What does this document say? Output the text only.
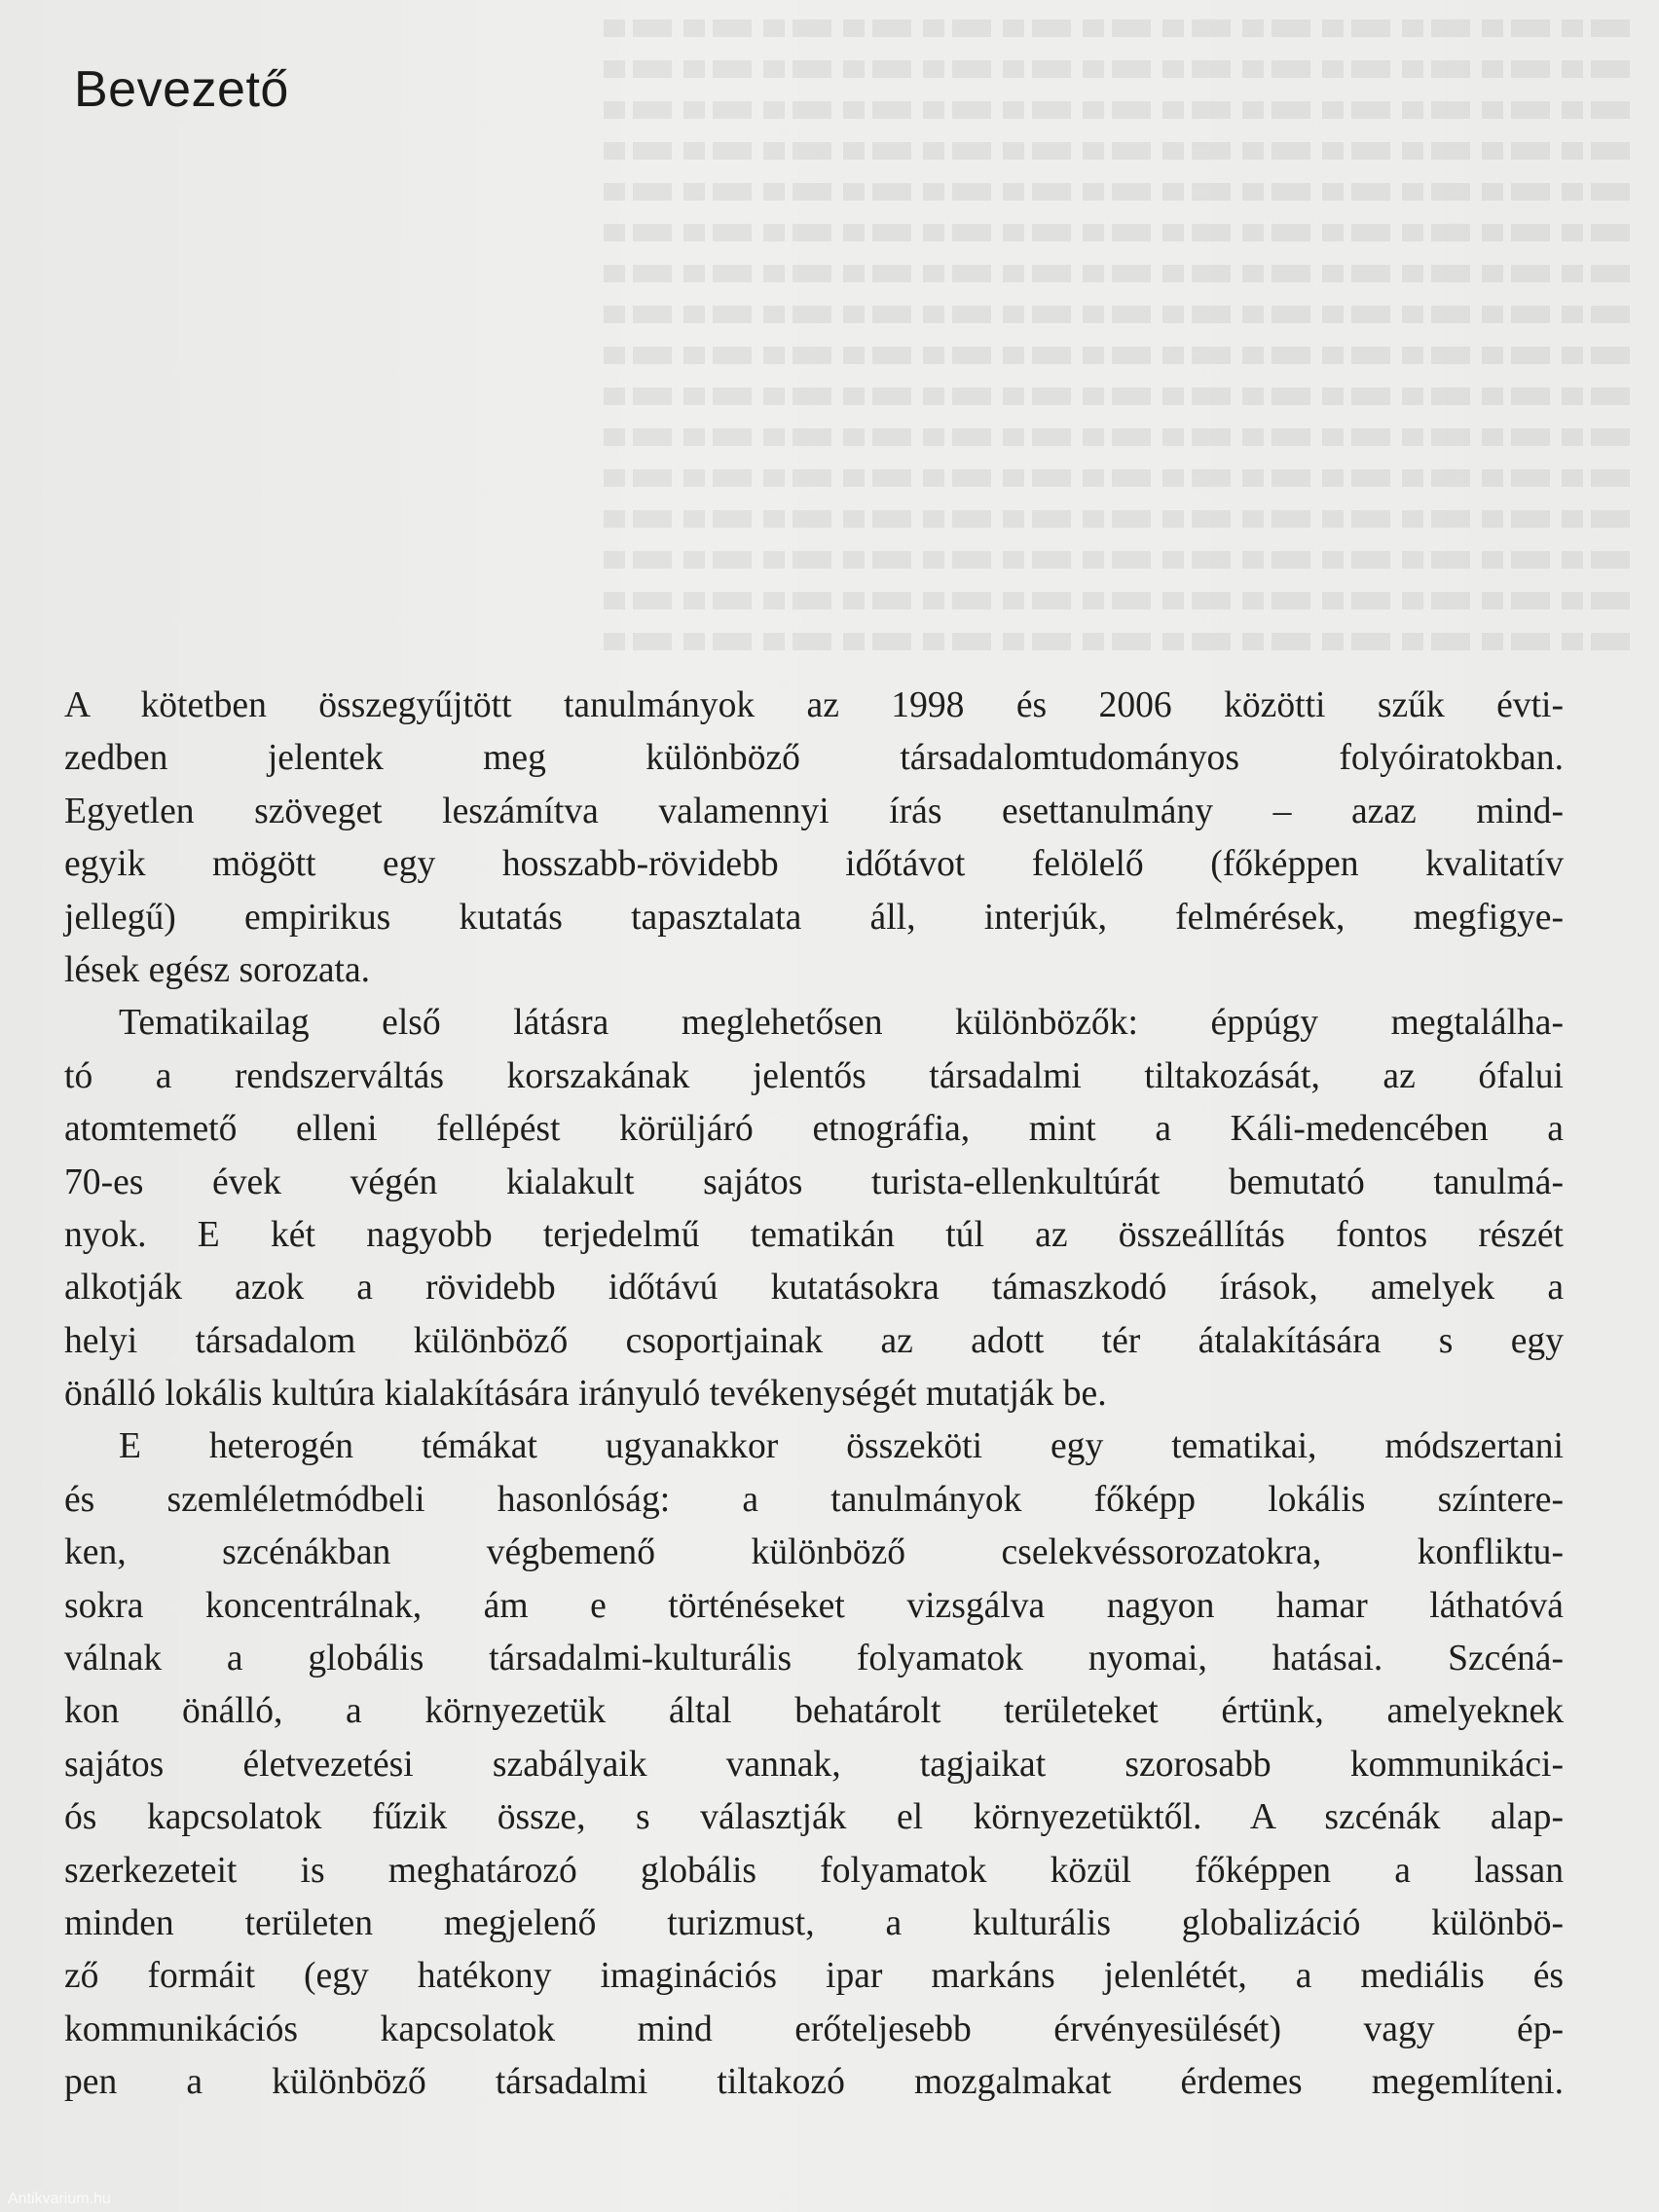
Bevezető
A kötetben összegyűjtött tanulmányok az 1998 és 2006 közötti szűk évti-
zedben jelentek meg különböző társadalomtudományos folyóiratokban.
Egyetlen szöveget leszámítva valamennyi írás esettanulmány – azaz mind-
egyik mögött egy hosszabb-rövidebb időtávot felölelő (főképpen kvalitatív
jellegű) empirikus kutatás tapasztalata áll, interjúk, felmérések, megfigye-
lések egész sorozata.
Tematikailag első látásra meglehetősen különbözők: éppúgy megtalálha-
tó a rendszerváltás korszakának jelentős társadalmi tiltakozását, az ófalui
atomtemető elleni fellépést körüljáró etnográfia, mint a Káli-medencében a
70-es évek végén kialakult sajátos turista-ellenkultúrát bemutató tanulmá-
nyok. E két nagyobb terjedelmű tematikán túl az összeállítás fontos részét
alkotják azok a rövidebb időtávú kutatásokra támaszkodó írások, amelyek a
helyi társadalom különböző csoportjainak az adott tér átalakítására s egy
önálló lokális kultúra kialakítására irányuló tevékenységét mutatják be.
E heterogén témákat ugyanakkor összeköti egy tematikai, módszertani
és szemléletmódbeli hasonlóság: a tanulmányok főképp lokális színtere-
ken, szcénákban végbemenő különböző cselekvéssorozatokra, konfliktu-
sokra koncentrálnak, ám e történéseket vizsgálva nagyon hamar láthatóvá
válnak a globális társadalmi-kulturális folyamatok nyomai, hatásai. Szcéná-
kon önálló, a környezetük által behatárolt területeket értünk, amelyeknek
sajátos életvezetési szabályaik vannak, tagjaikat szorosabb kommunikáci-
ós kapcsolatok fűzik össze, s választják el környezetüktől. A szcénák alap-
szerkezeteit is meghatározó globális folyamatok közül főképpen a lassan
minden területen megjelenő turizmust, a kulturális globalizáció különbö-
ző formáit (egy hatékony imaginációs ipar markáns jelenlétét, a mediális és
kommunikációs kapcsolatok mind erőteljesebb érvényesülését) vagy ép-
pen a különböző társadalmi tiltakozó mozgalmakat érdemes megemlíteni.
Antikvarium.hu
